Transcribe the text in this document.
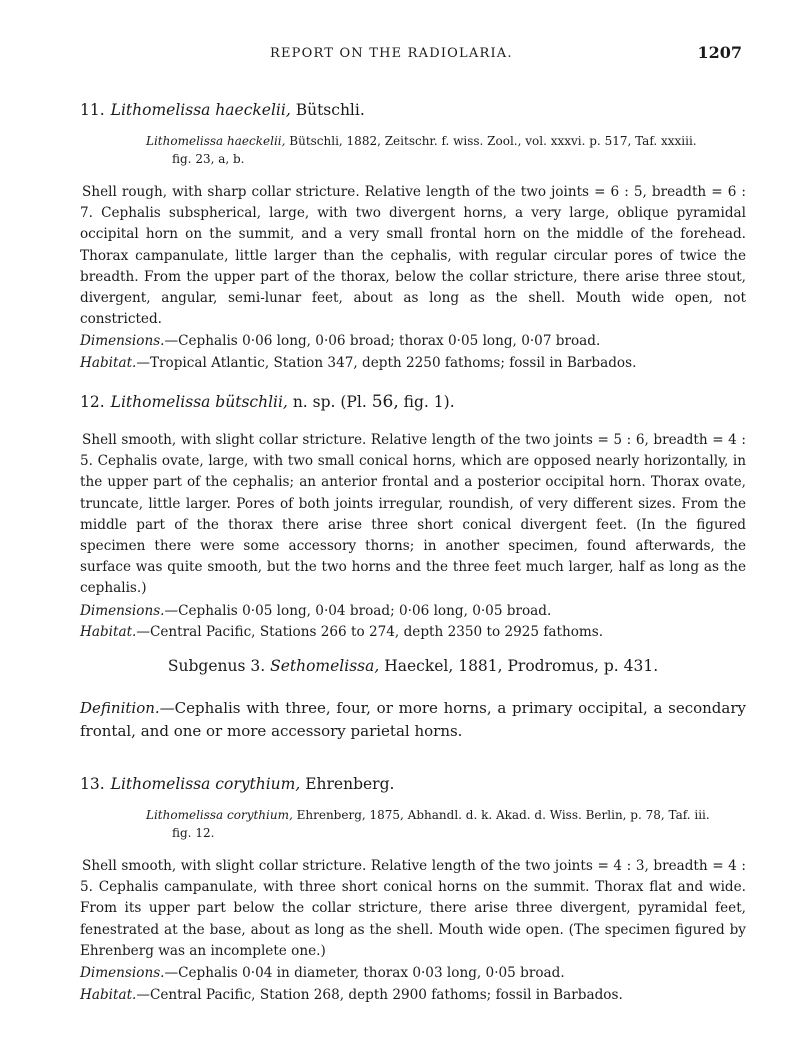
REPORT ON THE RADIOLARIA.	1207
11. Lithomelissa haeckelii, Bütschli.
Lithomelissa haeckelii, Bütschli, 1882, Zeitschr. f. wiss. Zool., vol. xxxvi. p. 517, Taf. xxxiii.
fig. 23, a, b.

Shell rough, with sharp collar stricture. Relative length of the two joints = 6 : 5, breadth = 6 : 7. Cephalis subspherical, large, with two divergent horns, a very large, oblique pyramidal occipital horn on the summit, and a very small frontal horn on the middle of the forehead. Thorax campanulate, little larger than the cephalis, with regular circular pores of twice the breadth. From the upper part of the thorax, below the collar stricture, there arise three stout, divergent, angular, semi-lunar feet, about as long as the shell. Mouth wide open, not constricted.

Dimensions.—Cephalis 0·06 long, 0·06 broad; thorax 0·05 long, 0·07 broad.
Habitat.—Tropical Atlantic, Station 347, depth 2250 fathoms; fossil in Barbados.
12. Lithomelissa bütschlii, n. sp. (Pl. 56, fig. 1).

Shell smooth, with slight collar stricture. Relative length of the two joints = 5 : 6, breadth = 4 : 5. Cephalis ovate, large, with two small conical horns, which are opposed nearly horizontally, in the upper part of the cephalis; an anterior frontal and a posterior occipital horn. Thorax ovate, truncate, little larger. Pores of both joints irregular, roundish, of very different sizes. From the middle part of the thorax there arise three short conical divergent feet. (In the figured specimen there were some accessory thorns; in another specimen, found afterwards, the surface was quite smooth, but the two horns and the three feet much larger, half as long as the cephalis.)

Dimensions.—Cephalis 0·05 long, 0·04 broad; 0·06 long, 0·05 broad.
Habitat.—Central Pacific, Stations 266 to 274, depth 2350 to 2925 fathoms.
Subgenus 3. Sethomelissa, Haeckel, 1881, Prodromus, p. 431.

Definition.—Cephalis with three, four, or more horns, a primary occipital, a secondary frontal, and one or more accessory parietal horns.

13. Lithomelissa corythium, Ehrenberg.
Lithomelissa corythium, Ehrenberg, 1875, Abhandl. d. k. Akad. d. Wiss. Berlin, p. 78, Taf. iii.
fig. 12.

Shell smooth, with slight collar stricture. Relative length of the two joints = 4 : 3, breadth = 4 : 5. Cephalis campanulate, with three short conical horns on the summit. Thorax flat and wide. From its upper part below the collar stricture, there arise three divergent, pyramidal feet, fenestrated at the base, about as long as the shell. Mouth wide open. (The specimen figured by Ehrenberg was an incomplete one.)

Dimensions.—Cephalis 0·04 in diameter, thorax 0·03 long, 0·05 broad.
Habitat.—Central Pacific, Station 268, depth 2900 fathoms; fossil in Barbados.
